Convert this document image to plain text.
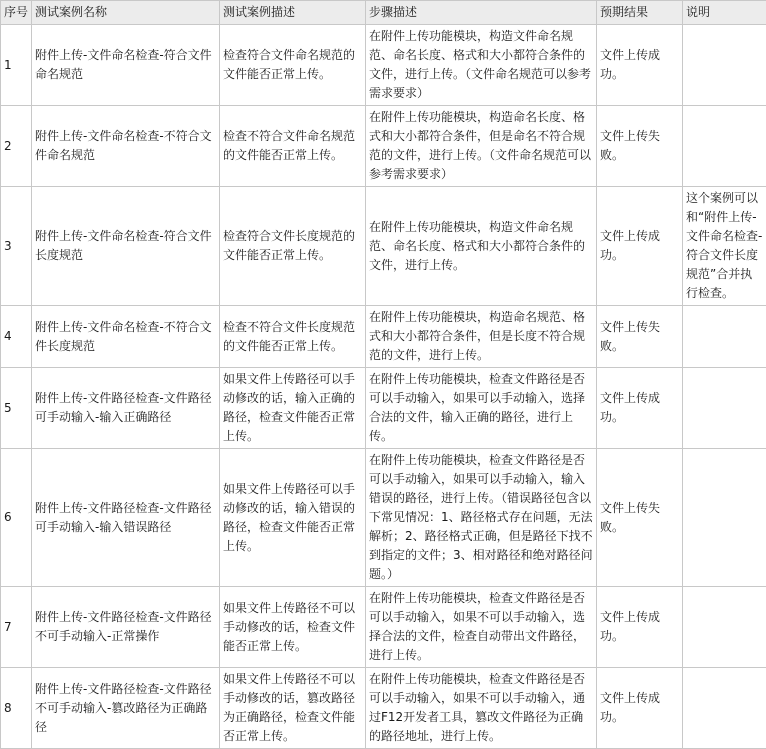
序号	测试案例名称	测试案例描述	步骤描述	预期结果	说明
1	附件上传-文件命名检查-符合文件命名规范	检查符合文件命名规范的文件能否正常上传。	在附件上传功能模块，构造文件命名规范、命名长度、格式和大小都符合条件的文件，进行上传。（文件命名规范可以参考需求要求）	文件上传成功。	
2	附件上传-文件命名检查-不符合文件命名规范	检查不符合文件命名规范的文件能否正常上传。	在附件上传功能模块，构造命名长度、格式和大小都符合条件，但是命名不符合规范的文件，进行上传。（文件命名规范可以参考需求要求）	文件上传失败。	
3	附件上传-文件命名检查-符合文件长度规范	检查符合文件长度规范的文件能否正常上传。	在附件上传功能模块，构造文件命名规范、命名长度、格式和大小都符合条件的文件，进行上传。	文件上传成功。	这个案例可以和“附件上传-文件命名检查-符合文件长度规范”合并执行检查。
4	附件上传-文件命名检查-不符合文件长度规范	检查不符合文件长度规范的文件能否正常上传。	在附件上传功能模块，构造命名规范、格式和大小都符合条件，但是长度不符合规范的文件，进行上传。	文件上传失败。	
5	附件上传-文件路径检查-文件路径可手动输入-输入正确路径	如果文件上传路径可以手动修改的话，输入正确的路径，检查文件能否正常上传。	在附件上传功能模块，检查文件路径是否可以手动输入，如果可以手动输入，选择合法的文件，输入正确的路径，进行上传。	文件上传成功。	
6	附件上传-文件路径检查-文件路径可手动输入-输入错误路径	如果文件上传路径可以手动修改的话，输入错误的路径，检查文件能否正常上传。	在附件上传功能模块，检查文件路径是否可以手动输入，如果可以手动输入，输入错误的路径，进行上传。（错误路径包含以下常见情况：1、路径格式存在问题，无法解析；2、路径格式正确，但是路径下找不到指定的文件；3、相对路径和绝对路径问题。）	文件上传失败。	
7	附件上传-文件路径检查-文件路径不可手动输入-正常操作	如果文件上传路径不可以手动修改的话，检查文件能否正常上传。	在附件上传功能模块，检查文件路径是否可以手动输入，如果不可以手动输入，选择合法的文件，检查自动带出文件路径，进行上传。	文件上传成功。	
8	附件上传-文件路径检查-文件路径不可手动输入-篡改路径为正确路径	如果文件上传路径不可以手动修改的话，篡改路径为正确路径，检查文件能否正常上传。	在附件上传功能模块，检查文件路径是否可以手动输入，如果不可以手动输入，通过F12开发者工具，篡改文件路径为正确的路径地址，进行上传。	文件上传成功。	
